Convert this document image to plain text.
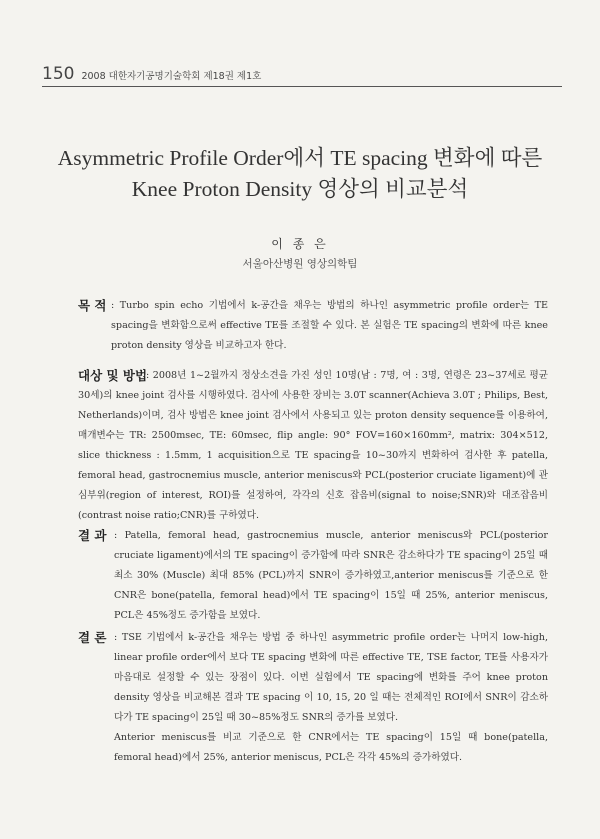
150 2008 대한자기공명기술학회 제18권 제1호
Asymmetric Profile Order에서 TE spacing 변화에 따른
Knee Proton Density 영상의 비교분석
이 종 은
서울아산병원 영상의학팀
목 적 : Turbo spin echo 기법에서 k-공간을 채우는 방법의 하나인 asymmetric profile order는 TE spacing을 변화함으로써 effective TE를 조절할 수 있다. 본 실험은 TE spacing의 변화에 따른 knee proton density 영상을 비교하고자 한다.

대상 및 방법

: 2008년 1~2월까지 정상소견을 가진 성인 10명(남 : 7명, 여 : 3명, 연령은 23~37세로 평균30세)의 knee joint 검사를 시행하였다. 검사에 사용한 장비는 3.0T scanner(Achieva 3.0T ; Philips, Best, Netherlands)이며, 검사 방법은 knee joint 검사에서 사용되고 있는 proton density sequence를 이용하여, 매개변수는 TR: 2500msec, TE: 60msec, flip angle: 90° FOV=160×160mm², matrix: 304×512, slice thickness : 1.5mm, 1 acquisition으로 TE spacing을 10~30까지 변화하여 검사한 후 patella, femoral head, gastrocnemius muscle, anterior meniscus와 PCL(posterior cruciate ligament)에 관심부위(region of interest, ROI)를 설정하여, 각각의 신호 잡음비(signal to noise;SNR)와 대조잡음비(contrast noise ratio;CNR)를 구하였다.

결 과 : Patella, femoral head, gastrocnemius muscle, anterior meniscus와 PCL(posterior cruciate ligament)에서의 TE spacing이 증가함에 따라 SNR은 감소하다가 TE spacing이 25일 때 최소 30% (Muscle) 최대 85% (PCL)까지 SNR이 증가하였고,anterior meniscus를 기준으로 한 CNR은 bone(patella, femoral head)에서 TE spacing이 15일 때 25%, anterior meniscus, PCL은 45%정도 증가함을 보였다.

결 론 : TSE 기법에서 k-공간을 채우는 방법 중 하나인 asymmetric profile order는 나머지 low-high, linear profile order에서 보다 TE spacing 변화에 따른 effective TE, TSE factor, TE를 사용자가 마음대로 설정할 수 있는 장점이 있다. 이번 실험에서 TE spacing에 변화를 주어 knee proton density 영상을 비교해본 결과 TE spacing 이 10, 15, 20 일 때는 전체적인 ROI에서 SNR이 감소하다가 TE spacing이 25일 때 30~85%정도 SNR의 증가를 보였다.

Anterior meniscus를 비교 기준으로 한 CNR에서는 TE spacing이 15일 때 bone(patella, femoral head)에서 25%, anterior meniscus, PCL은 각각 45%의 증가하였다.
